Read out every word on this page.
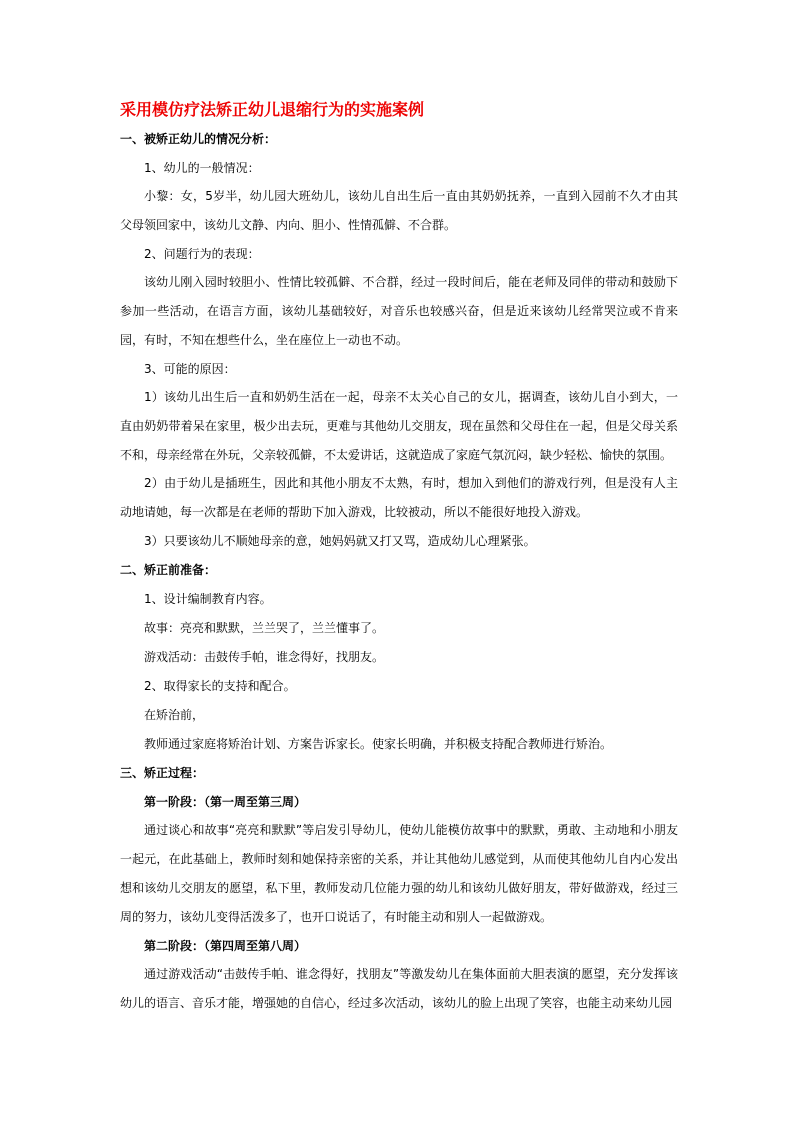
采用模仿疗法矫正幼儿退缩行为的实施案例
一、被矫正幼儿的情况分析：
1、幼儿的一般情况：

小黎：女，5岁半，幼儿园大班幼儿，该幼儿自出生后一直由其奶奶抚养，一直到入园前不久才由其父母领回家中，该幼儿文静、内向、胆小、性情孤僻、不合群。

2、问题行为的表现：

该幼儿刚入园时较胆小、性情比较孤僻、不合群，经过一段时间后，能在老师及同伴的带动和鼓励下参加一些活动，在语言方面，该幼儿基础较好，对音乐也较感兴奋，但是近来该幼儿经常哭泣或不肯来园，有时，不知在想些什么，坐在座位上一动也不动。

3、可能的原因：

1）该幼儿出生后一直和奶奶生活在一起，母亲不太关心自己的女儿，据调查，该幼儿自小到大，一直由奶奶带着呆在家里，极少出去玩，更难与其他幼儿交朋友，现在虽然和父母住在一起，但是父母关系不和，母亲经常在外玩，父亲较孤僻，不太爱讲话，这就造成了家庭气氛沉闷，缺少轻松、愉快的氛围。

2）由于幼儿是插班生，因此和其他小朋友不太熟，有时，想加入到他们的游戏行列，但是没有人主动地请她，每一次都是在老师的帮助下加入游戏，比较被动，所以不能很好地投入游戏。

3）只要该幼儿不顺她母亲的意，她妈妈就又打又骂，造成幼儿心理紧张。

二、矫正前准备：

1、设计编制教育内容。

故事：亮亮和默默，兰兰哭了，兰兰懂事了。

游戏活动：击鼓传手帕，谁念得好，找朋友。

2、取得家长的支持和配合。

在矫治前，

教师通过家庭将矫治计划、方案告诉家长。使家长明确，并积极支持配合教师进行矫治。

三、矫正过程：
第一阶段：（第一周至第三周）

通过谈心和故事“亮亮和默默”等启发引导幼儿，使幼儿能模仿故事中的默默，勇敢、主动地和小朋友一起元，在此基础上，教师时刻和她保持亲密的关系，并让其他幼儿感觉到，从而使其他幼儿自内心发出想和该幼儿交朋友的愿望，私下里，教师发动几位能力强的幼儿和该幼儿做好朋友，带好做游戏，经过三周的努力，该幼儿变得活泼多了，也开口说话了，有时能主动和别人一起做游戏。

第二阶段：（第四周至第八周）

通过游戏活动“击鼓传手帕、谁念得好，找朋友”等激发幼儿在集体面前大胆表演的愿望，充分发挥该幼儿的语言、音乐才能，增强她的自信心，经过多次活动，该幼儿的脸上出现了笑容，也能主动来幼儿园
